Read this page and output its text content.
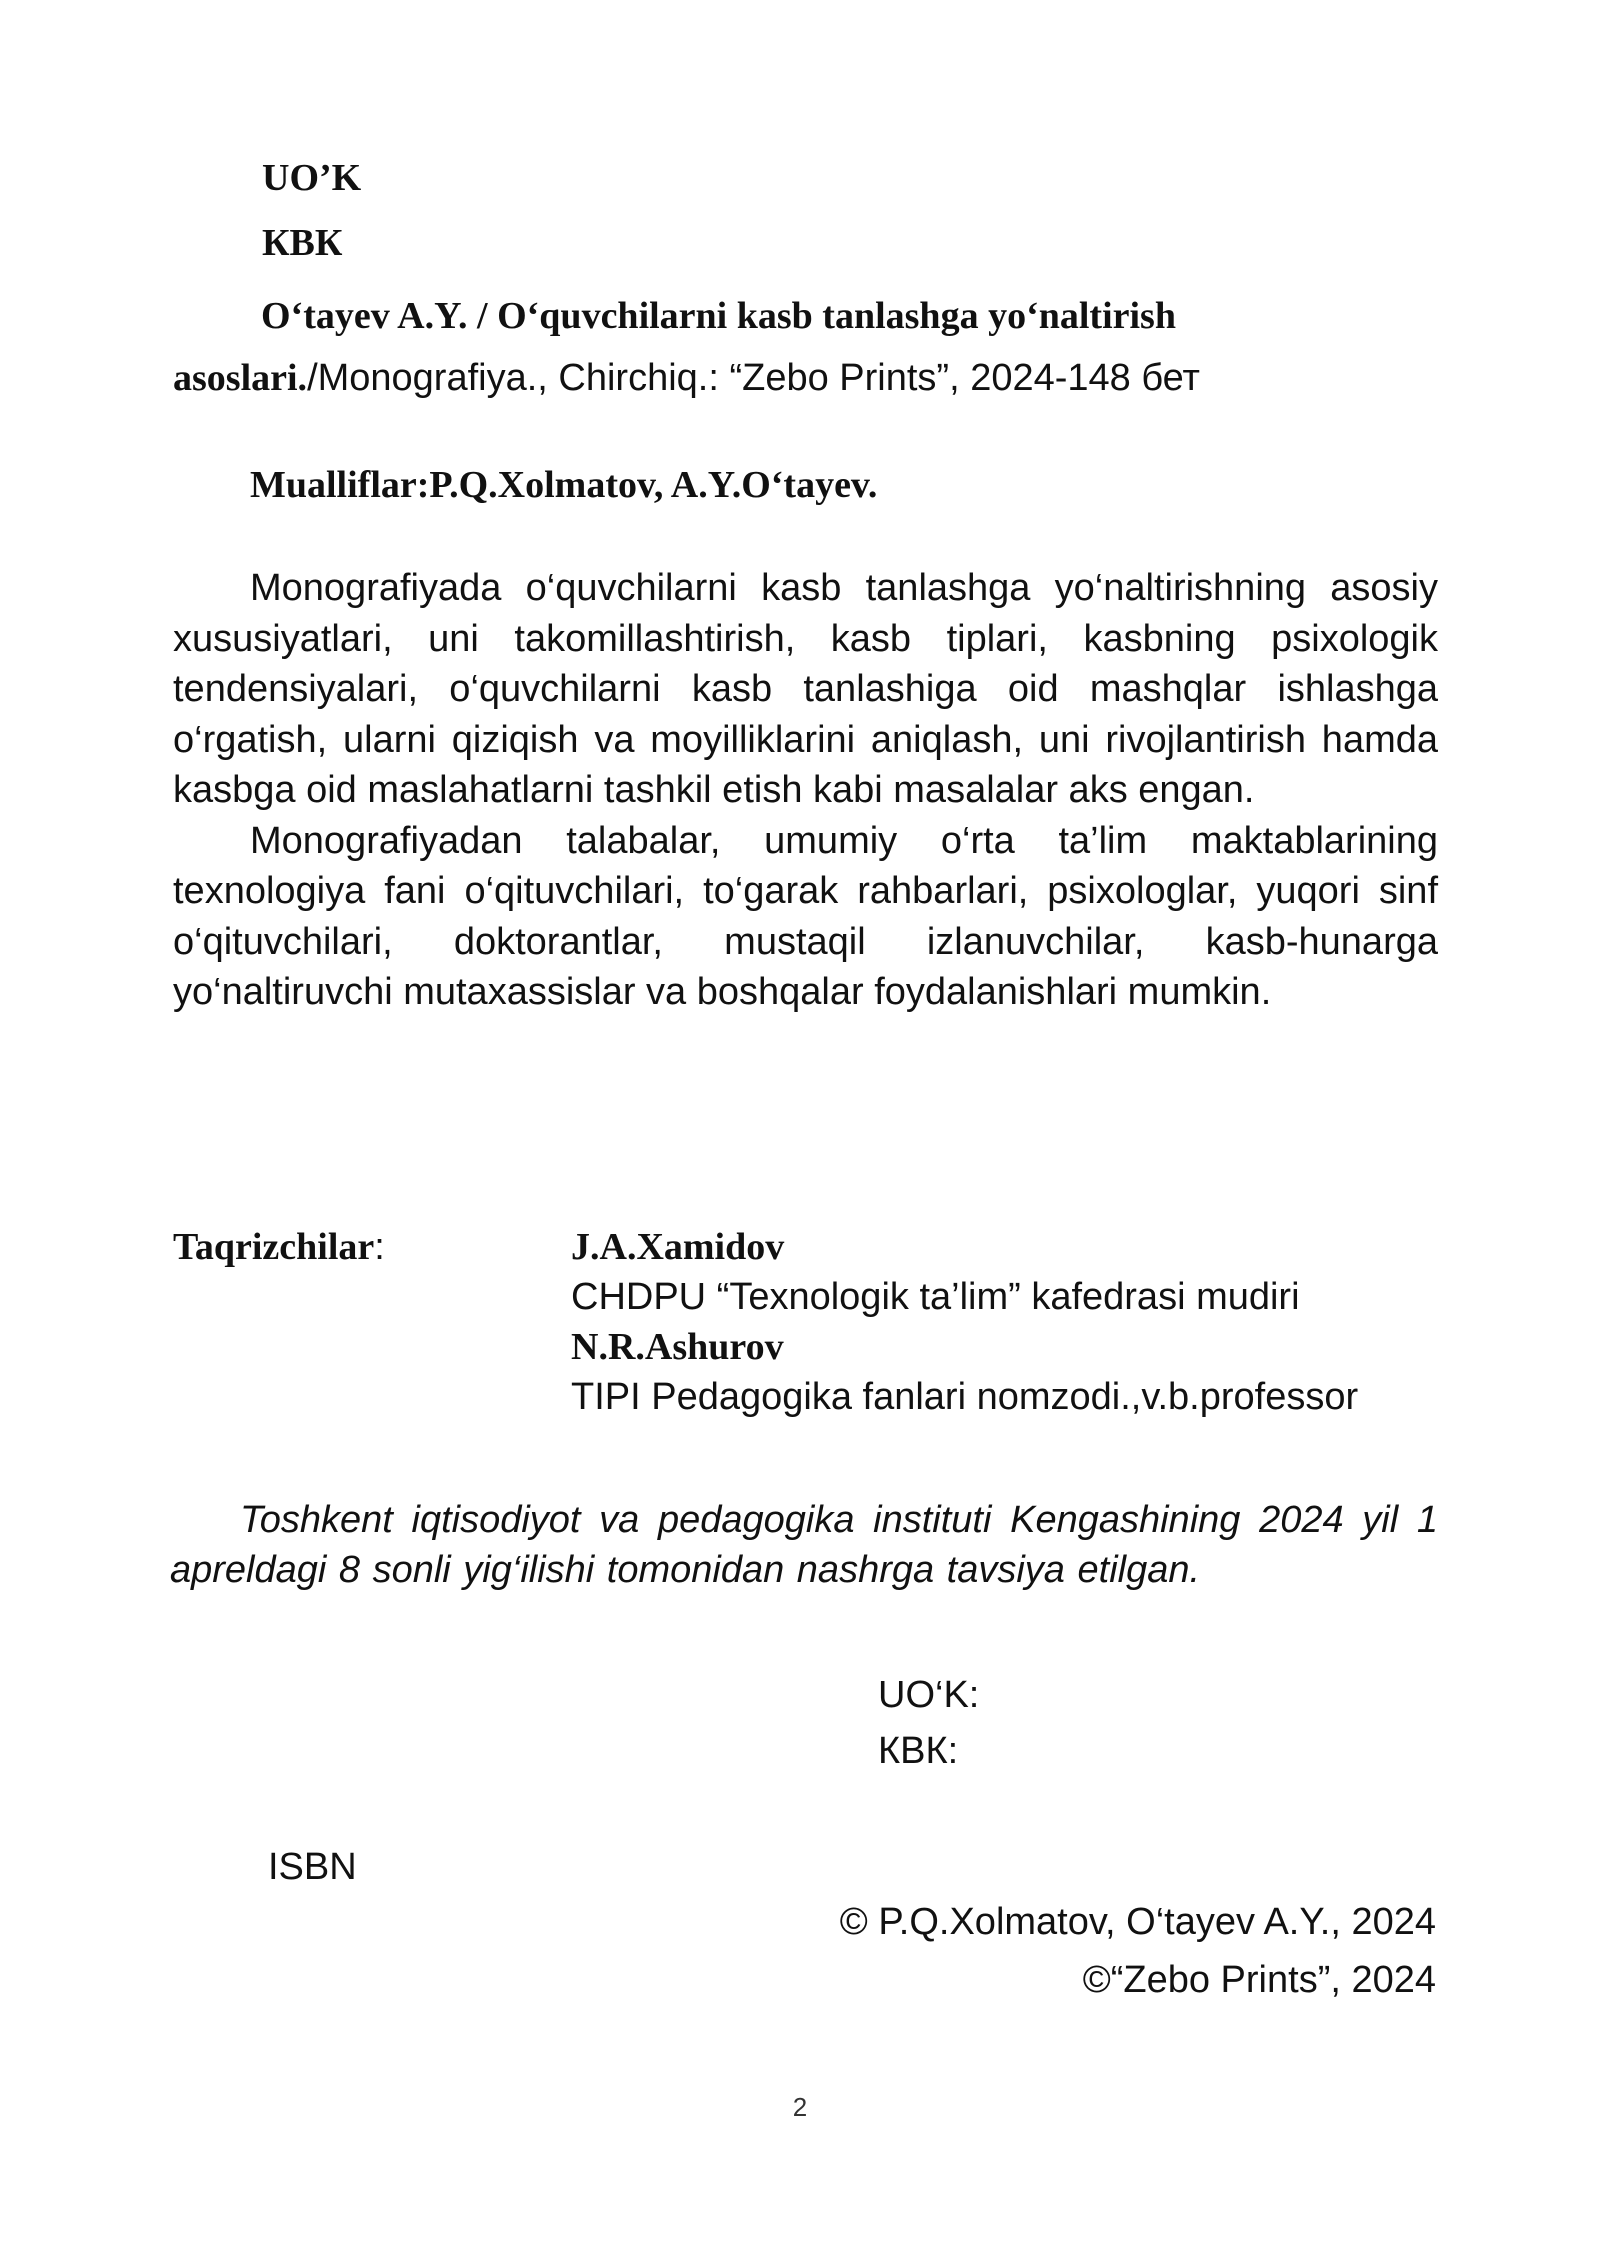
UO’K
КВК
O‘tayev A.Y. / O‘quvchilarni kasb tanlashga yo‘naltirish
asoslari./Monografiya., Chirchiq.: “Zebo Prints”, 2024-148 бет
Mualliflar:P.Q.Xolmatov, A.Y.O‘tayev.

Monografiyada o‘quvchilarni kasb tanlashga yo‘naltirishning asosiy xususiyatlari, uni takomillashtirish, kasb tiplari, kasbning psixologik tendensiyalari, o‘quvchilarni kasb tanlashiga oid mashqlar ishlashga o‘rgatish, ularni qiziqish va moyilliklarini aniqlash, uni rivojlantirish hamda kasbga oid maslahatlarni tashkil etish kabi masalalar aks engan.

Monografiyadan talabalar, umumiy o‘rta ta’lim maktablarining texnologiya fani o‘qituvchilari, to‘garak rahbarlari, psixologlar, yuqori sinf o‘qituvchilari, doktorantlar, mustaqil izlanuvchilar, kasb-hunarga yo‘naltiruvchi mutaxassislar va boshqalar foydalanishlari mumkin.

Taqrizchilar:	J.A.Xamidov
CHDPU “Texnologik ta’lim” kafedrasi mudiri
N.R.Ashurov
TIPI Pedagogika fanlari nomzodi.,v.b.professor

Toshkent iqtisodiyot va pedagogika instituti Kengashining 2024 yil 1 apreldagi 8 sonli yig‘ilishi tomonidan nashrga tavsiya etilgan.

UO‘K:
КВК:
ISBN
© P.Q.Xolmatov, O‘tayev A.Y., 2024
©“Zebo Prints”, 2024
2
